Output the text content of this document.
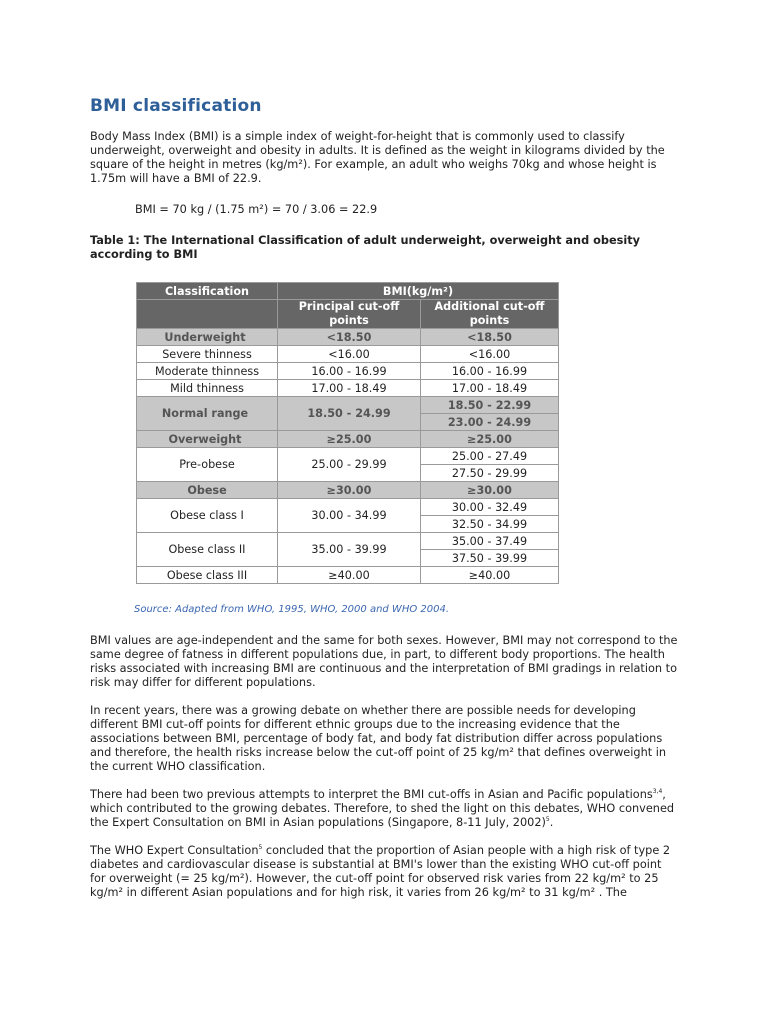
BMI classification

Body Mass Index (BMI) is a simple index of weight-for-height that is commonly used to classify underweight, overweight and obesity in adults. It is defined as the weight in kilograms divided by the square of the height in metres (kg/m²). For example, an adult who weighs 70kg and whose height is 1.75m will have a BMI of 22.9.

BMI = 70 kg / (1.75 m²) = 70 / 3.06 = 22.9
Table 1: The International Classification of adult underweight, overweight and obesity according to BMI
Classification	BMI(kg/m²)	
	Principal cut-off points	Additional cut-off points
Underweight	<18.50	<18.50
Severe thinness	<16.00	<16.00
Moderate thinness	16.00 - 16.99	16.00 - 16.99
Mild thinness	17.00 - 18.49	17.00 - 18.49
Normal range	18.50 - 24.99	18.50 - 22.99
		23.00 - 24.99
Overweight	≥25.00	≥25.00
Pre-obese	25.00 - 29.99	25.00 - 27.49
		27.50 - 29.99
Obese	≥30.00	≥30.00
Obese class I	30.00 - 34.99	30.00 - 32.49
		32.50 - 34.99
Obese class II	35.00 - 39.99	35.00 - 37.49
		37.50 - 39.99
Obese class III	≥40.00	≥40.00
Source: Adapted from WHO, 1995, WHO, 2000 and WHO 2004.

BMI values are age-independent and the same for both sexes. However, BMI may not correspond to the same degree of fatness in different populations due, in part, to different body proportions. The health risks associated with increasing BMI are continuous and the interpretation of BMI gradings in relation to risk may differ for different populations.

In recent years, there was a growing debate on whether there are possible needs for developing different BMI cut-off points for different ethnic groups due to the increasing evidence that the associations between BMI, percentage of body fat, and body fat distribution differ across populations and therefore, the health risks increase below the cut-off point of 25 kg/m² that defines overweight in the current WHO classification.

There had been two previous attempts to interpret the BMI cut-offs in Asian and Pacific populations$^{3,4}$, which contributed to the growing debates. Therefore, to shed the light on this debates, WHO convened the Expert Consultation on BMI in Asian populations (Singapore, 8-11 July, 2002)$^5$.

The WHO Expert Consultation$^5$ concluded that the proportion of Asian people with a high risk of type 2 diabetes and cardiovascular disease is substantial at BMI's lower than the existing WHO cut-off point for overweight (= 25 kg/m²). However, the cut-off point for observed risk varies from 22 kg/m² to 25 kg/m² in different Asian populations and for high risk, it varies from 26 kg/m² to 31 kg/m² . The
